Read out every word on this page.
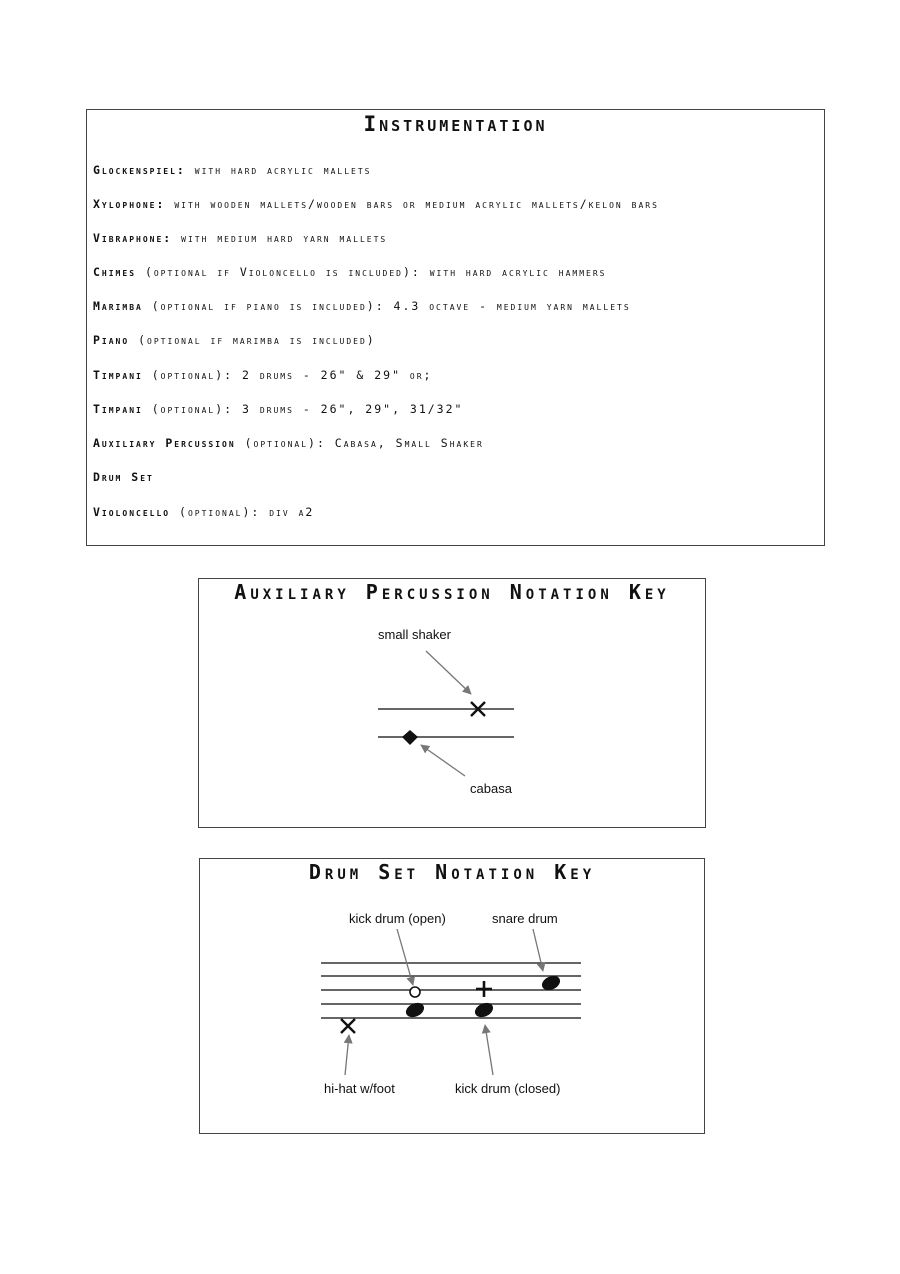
Instrumentation
Glockenspiel: with hard acrylic mallets
Xylophone: with wooden mallets/wooden bars or medium acrylic mallets/kelon bars
Vibraphone: with medium hard yarn mallets
Chimes (optional if Violoncello is included): with hard acrylic hammers
Marimba (optional if piano is included): 4.3 octave - medium yarn mallets
Piano (optional if marimba is included)
Timpani (optional): 2 drums - 26" & 29" or;
Timpani (optional): 3 drums - 26", 29", 31/32"
Auxiliary Percussion (optional): Cabasa, Small Shaker
Drum Set
Violoncello (optional): div a2
Auxiliary Percussion Notation Key
small shaker
cabasa
Drum Set Notation Key
kick drum (open)	snare drum
hi-hat w/foot	kick drum (closed)
